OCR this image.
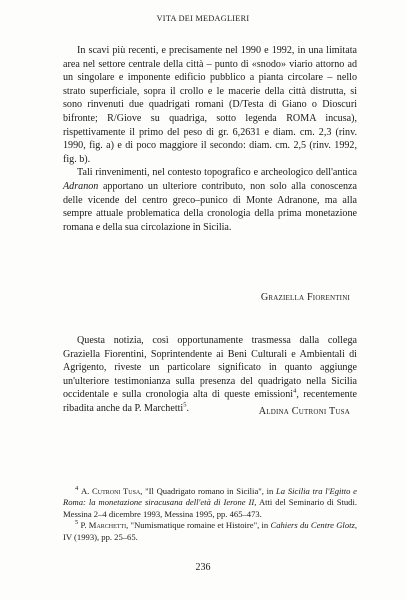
VITA DEI MEDAGLIERI

In scavi più recenti, e precisamente nel 1990 e 1992, in una limitata area nel settore centrale della città – punto di «snodo» viario attorno ad un singolare e imponente edificio pubblico a pianta circolare – nello strato superficiale, sopra il crollo e le macerie della città distrutta, si sono rinvenuti due quadrigati romani (D/Testa di Giano o Dioscuri bifronte; R/Giove su quadriga, sotto legenda ROMA incusa), rispettivamente il primo del peso di gr. 6,2631 e diam. cm. 2,3 (rinv. 1990, fig. a) e di poco maggiore il secondo: diam. cm. 2,5 (rinv. 1992, fig. b).

Tali rinvenimenti, nel contesto topografico e archeologico dell'antica Adranon apportano un ulteriore contributo, non solo alla conoscenza delle vicende del centro greco–punico di Monte Adranone, ma alla sempre attuale problematica della cronologia della prima monetazione romana e della sua circolazione in Sicilia.

Graziella Fiorentini

Questa notizia, così opportunamente trasmessa dalla collega Graziella Fiorentini, Soprintendente ai Beni Culturali e Ambientali di Agrigento, riveste un particolare significato in quanto aggiunge un'ulteriore testimonianza sulla presenza del quadrigato nella Sicilia occidentale e sulla cronologia alta di queste emissioni$^4$, recentemente ribadita anche da P. Marchetti$^5$.	Aldina Cutroni Tusa

$^4$ A. Cutroni Tusa, "Il Quadrigato romano in Sicilia", in La Sicilia tra l'Egitto e Roma: la monetazione siracusana dell'età di Ierone II, Atti del Seminario di Studi. Messina 2–4 dicembre 1993, Messina 1995, pp. 465–473.

$^5$ P. Marchetti, "Numismatique romaine et Histoire", in Cahiers du Centre Glotz, IV (1993), pp. 25–65.

236
